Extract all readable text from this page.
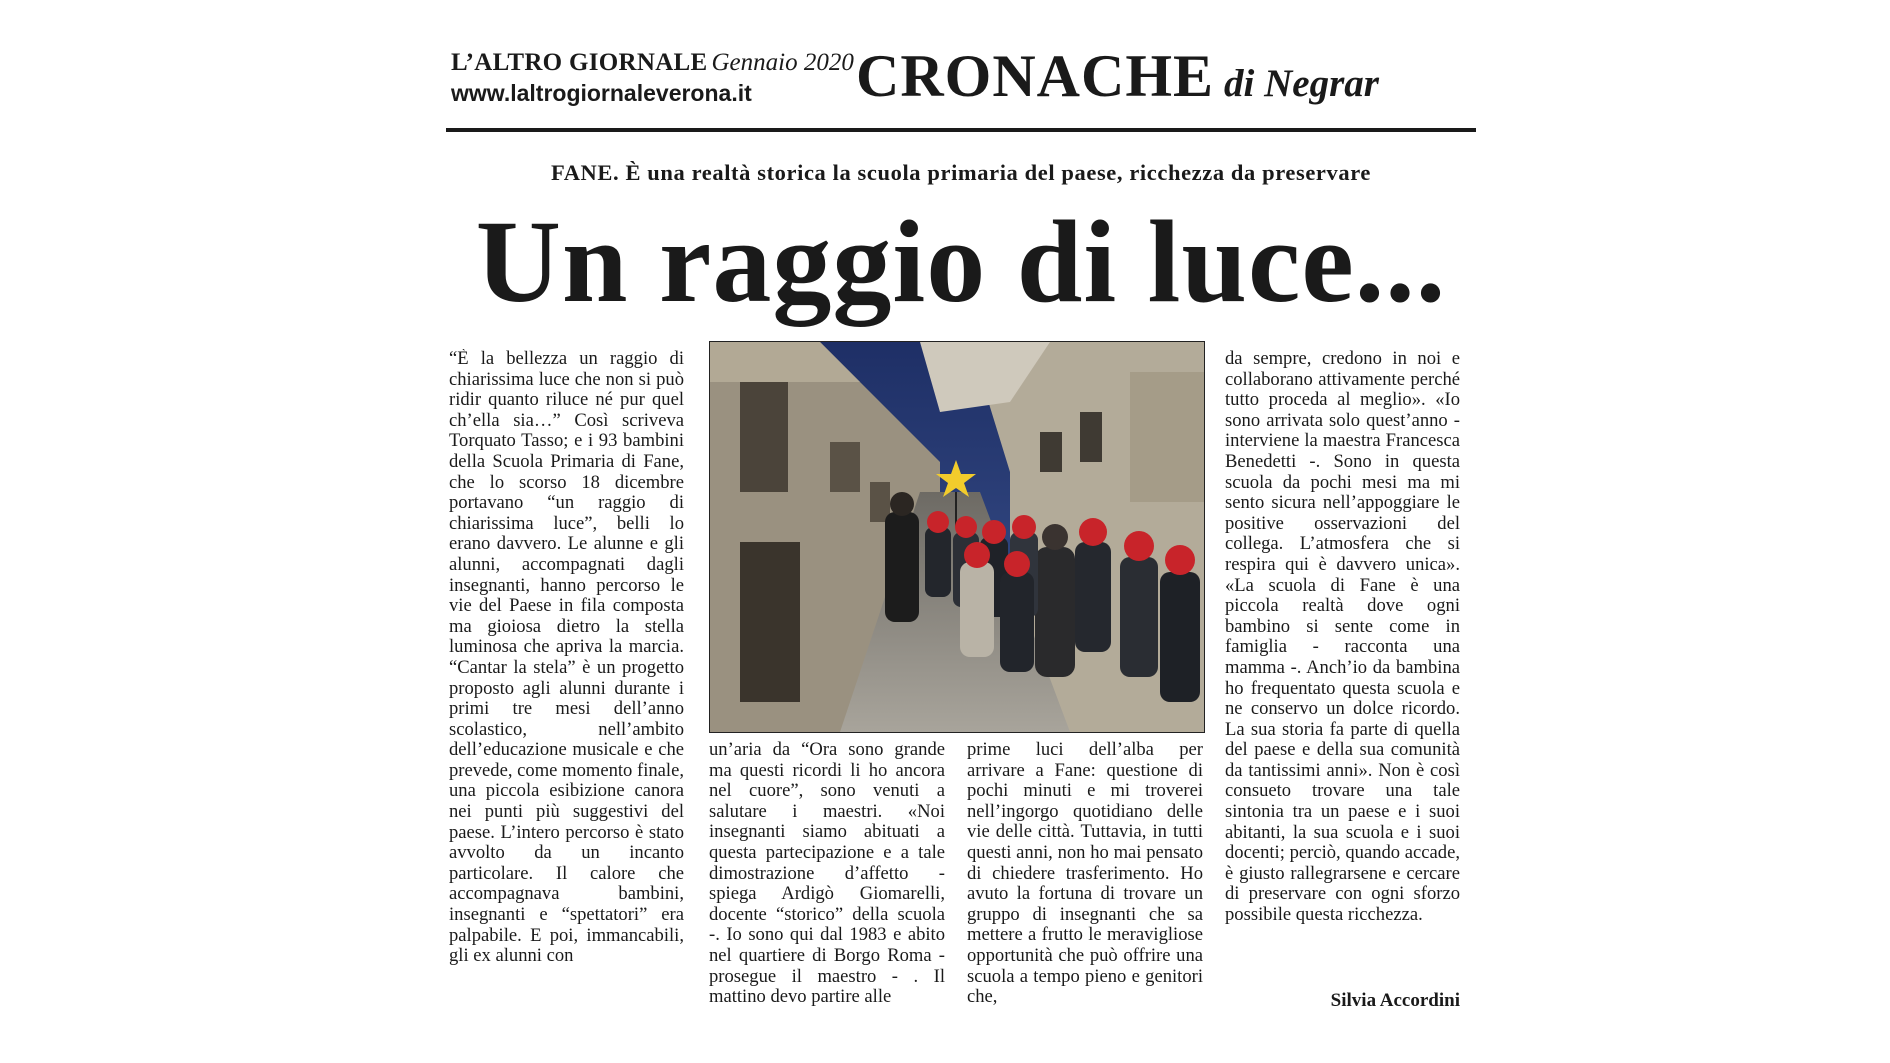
L’ALTRO GIORNALE Gennaio 2020
www.laltrogiornaleverona.it	CRONACHE di Negrar
FANE. È una realtà storica la scuola primaria del paese, ricchezza da preservare
Un raggio di luce...

“È la bellezza un raggio di chiarissima luce che non si può ridir quanto riluce né pur quel ch’ella sia…” Così scriveva Torquato Tasso; e i 93 bambini della Scuola Primaria di Fane, che lo scorso 18 dicembre portavano “un raggio di chiarissima luce”, belli lo erano davvero. Le alunne e gli alunni, accompagnati dagli insegnanti, hanno percorso le vie del Paese in fila composta ma gioiosa dietro la stella luminosa che apriva la marcia. “Cantar la stela” è un progetto proposto agli alunni durante i primi tre mesi dell’anno scolastico, nell’ambito dell’educazione musicale e che prevede, come momento finale, una piccola esibizione canora nei punti più suggestivi del paese. L’intero percorso è stato avvolto da un incanto particolare. Il calore che accompagnava bambini, insegnanti e “spettatori” era palpabile. E poi, immancabili, gli ex alunni con

un’aria da “Ora sono grande ma questi ricordi li ho ancora nel cuore”, sono venuti a salutare i maestri. «Noi insegnanti siamo abituati a questa partecipazione e a tale dimostrazione d’affetto - spiega Ardigò Giomarelli, docente “storico” della scuola -. Io sono qui dal 1983 e abito nel quartiere di Borgo Roma - prosegue il maestro - . Il mattino devo partire alle

prime luci dell’alba per arrivare a Fane: questione di pochi minuti e mi troverei nell’ingorgo quotidiano delle vie delle città. Tuttavia, in tutti questi anni, non ho mai pensato di chiedere trasferimento. Ho avuto la fortuna di trovare un gruppo di insegnanti che sa mettere a frutto le meravigliose opportunità che può offrire una scuola a tempo pieno e genitori che,

da sempre, credono in noi e collaborano attivamente perché tutto proceda al meglio». «Io sono arrivata solo quest’anno - interviene la maestra Francesca Benedetti -. Sono in questa scuola da pochi mesi ma mi sento sicura nell’appoggiare le positive osservazioni del collega. L’atmosfera che si respira qui è davvero unica». «La scuola di Fane è una piccola realtà dove ogni bambino si sente come in famiglia - racconta una mamma -. Anch’io da bambina ho frequentato questa scuola e ne conservo un dolce ricordo. La sua storia fa parte di quella del paese e della sua comunità da tantissimi anni». Non è così consueto trovare una tale sintonia tra un paese e i suoi abitanti, la sua scuola e i suoi docenti; perciò, quando accade, è giusto rallegrarsene e cercare di preservare con ogni sforzo possibile questa ricchezza.

Silvia Accordini
